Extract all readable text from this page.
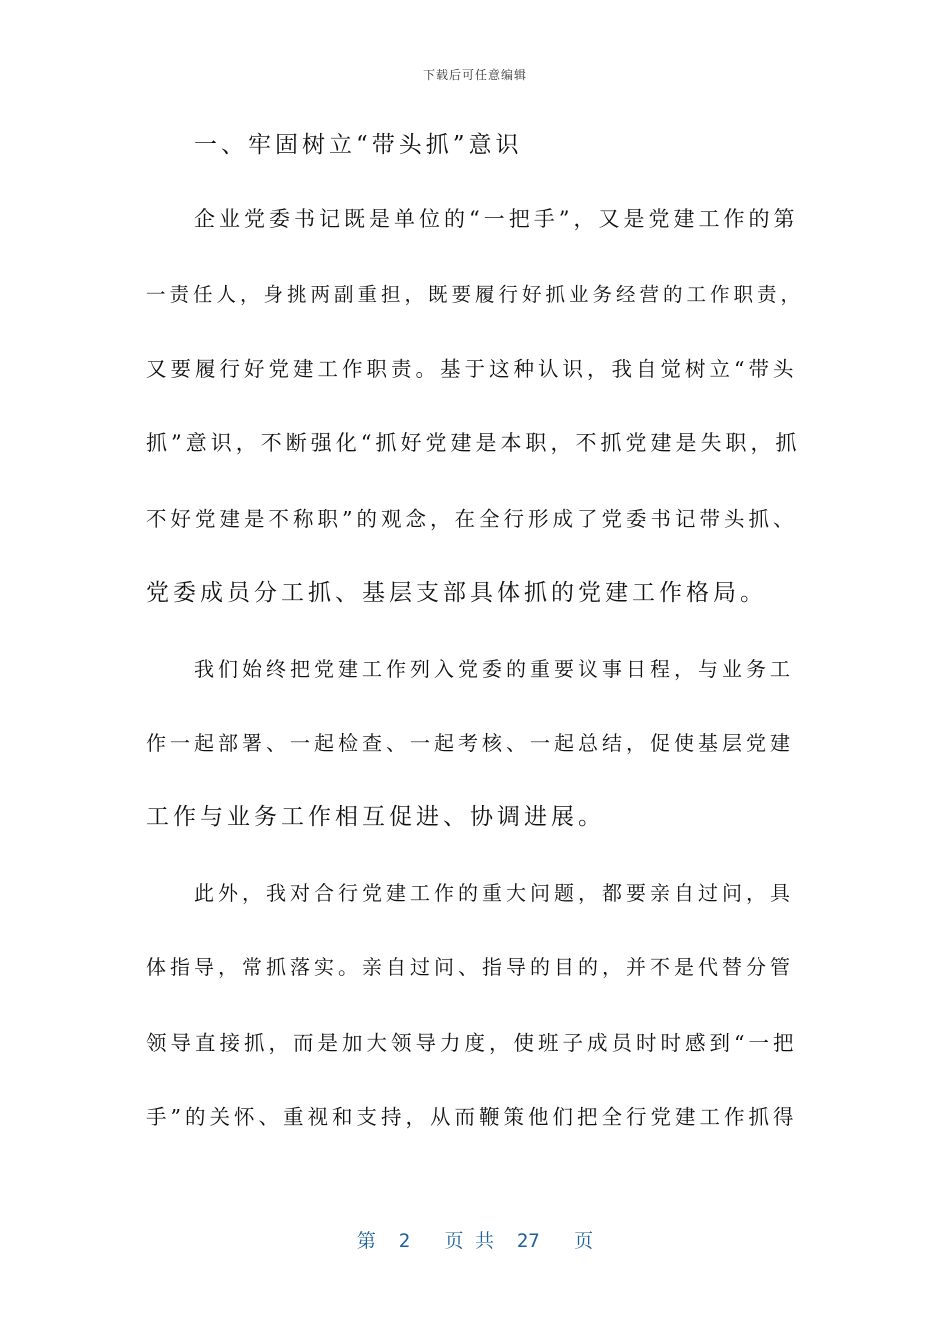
下载后可任意编辑
一、牢固树立“带头抓”意识
企业党委书记既是单位的“一把手”，又是党建工作的第
一责任人，身挑两副重担，既要履行好抓业务经营的工作职责，
又要履行好党建工作职责。基于这种认识，我自觉树立“带头
抓”意识，不断强化“抓好党建是本职，不抓党建是失职，抓
不好党建是不称职”的观念，在全行形成了党委书记带头抓、
党委成员分工抓、基层支部具体抓的党建工作格局。
我们始终把党建工作列入党委的重要议事日程，与业务工
作一起部署、一起检查、一起考核、一起总结，促使基层党建
工作与业务工作相互促进、协调进展。
此外，我对合行党建工作的重大问题，都要亲自过问，具
体指导，常抓落实。亲自过问、指导的目的，并不是代替分管
领导直接抓，而是加大领导力度，使班子成员时时感到“一把
手”的关怀、重视和支持，从而鞭策他们把全行党建工作抓得
第  2   页 共  27   页
